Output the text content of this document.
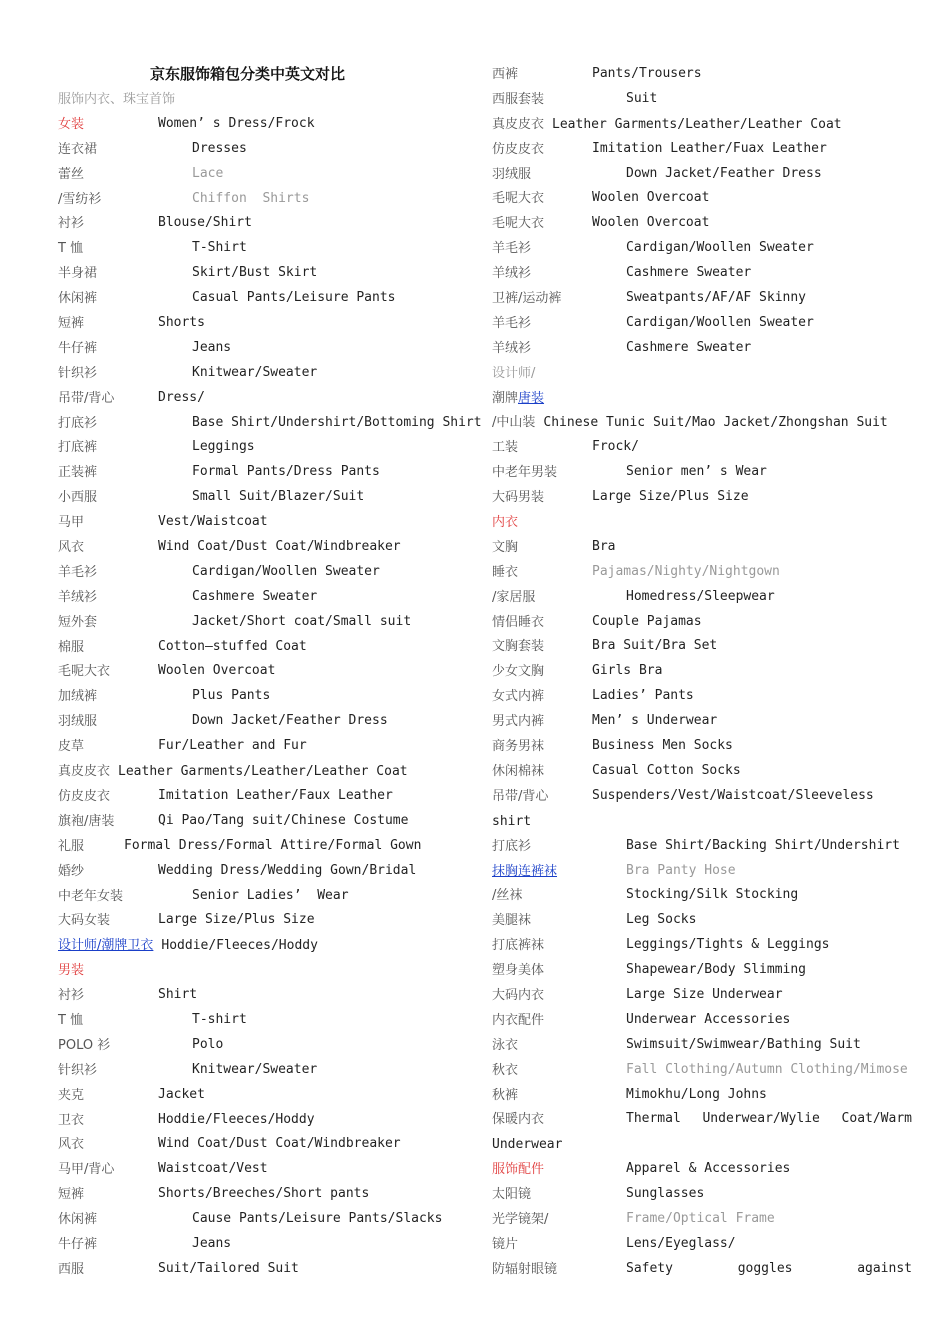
京东服饰箱包分类中英文对比
服饰内衣、珠宝首饰
女装	Women’ s Dress/Frock
连衣裙	Dresses
蕾丝	Lace
/雪纺衫	Chiffon  Shirts
衬衫	Blouse/Shirt
T 恤	T-Shirt
半身裙	Skirt/Bust Skirt
休闲裤	Casual Pants/Leisure Pants
短裤	Shorts
牛仔裤	Jeans
针织衫	Knitwear/Sweater
吊带/背心	Dress/
打底衫	Base Shirt/Undershirt/Bottoming Shirt
打底裤	Leggings
正装裤	Formal Pants/Dress Pants
小西服	Small Suit/Blazer/Suit
马甲	Vest/Waistcoat
风衣	Wind Coat/Dust Coat/Windbreaker
羊毛衫	Cardigan/Woollen Sweater
羊绒衫	Cashmere Sweater
短外套	Jacket/Short coat/Small suit
棉服	Cotton—stuffed Coat
毛呢大衣	Woolen Overcoat
加绒裤	Plus Pants
羽绒服	Down Jacket/Feather Dress
皮草	Fur/Leather and Fur
真皮皮衣 Leather Garments/Leather/Leather Coat
仿皮皮衣	Imitation Leather/Faux Leather
旗袍/唐装	Qi Pao/Tang suit/Chinese Costume
礼服	Formal Dress/Formal Attire/Formal Gown
婚纱	Wedding Dress/Wedding Gown/Bridal
中老年女装	Senior Ladies’  Wear
大码女装	Large Size/Plus Size
设计师/潮牌卫衣 Hoddie/Fleeces/Hoddy
男装
衬衫	Shirt
T 恤	T-shirt
POLO 衫	Polo
针织衫	Knitwear/Sweater
夹克	Jacket
卫衣	Hoddie/Fleeces/Hoddy
风衣	Wind Coat/Dust Coat/Windbreaker
马甲/背心	Waistcoat/Vest
短裤	Shorts/Breeches/Short pants
休闲裤	Cause Pants/Leisure Pants/Slacks
牛仔裤	Jeans
西服	Suit/Tailored Suit
西裤	Pants/Trousers
西服套装	Suit
真皮皮衣 Leather Garments/Leather/Leather Coat
仿皮皮衣	Imitation Leather/Fuax Leather
羽绒服	Down Jacket/Feather Dress
毛呢大衣	Woolen Overcoat
毛呢大衣	Woolen Overcoat
羊毛衫	Cardigan/Woollen Sweater
羊绒衫	Cashmere Sweater
卫裤/运动裤	Sweatpants/AF/AF Skinny
羊毛衫	Cardigan/Woollen Sweater
羊绒衫	Cashmere Sweater
设计师/
潮牌唐装
/中山装 Chinese Tunic Suit/Mao Jacket/Zhongshan Suit
工装	Frock/
中老年男装	Senior men’ s Wear
大码男装	Large Size/Plus Size
内衣
文胸	Bra
睡衣	Pajamas/Nighty/Nightgown
/家居服	Homedress/Sleepwear
情侣睡衣	Couple Pajamas
文胸套装	Bra Suit/Bra Set
少女文胸	Girls Bra
女式内裤	Ladies’ Pants
男式内裤	Men’ s Underwear
商务男袜	Business Men Socks
休闲棉袜	Casual Cotton Socks
吊带/背心	Suspenders/Vest/Waistcoat/Sleeveless
shirt
打底衫	Base Shirt/Backing Shirt/Undershirt
抹胸连裤袜	Bra Panty Hose
/丝袜	Stocking/Silk Stocking
美腿袜	Leg Socks
打底裤袜	Leggings/Tights & Leggings
塑身美体	Shapewear/Body Slimming
大码内衣	Large Size Underwear
内衣配件	Underwear Accessories
泳衣	Swimsuit/Swimwear/Bathing Suit
秋衣	Fall Clothing/Autumn Clothing/Mimose
秋裤	Mimokhu/Long Johns
保暖内衣	Thermal Underwear/Wylie Coat/Warm
Underwear
服饰配件	Apparel & Accessories
太阳镜	Sunglasses
光学镜架/	Frame/Optical Frame
镜片	Lens/Eyeglass/
防辐射眼镜	Safety	goggles	against
